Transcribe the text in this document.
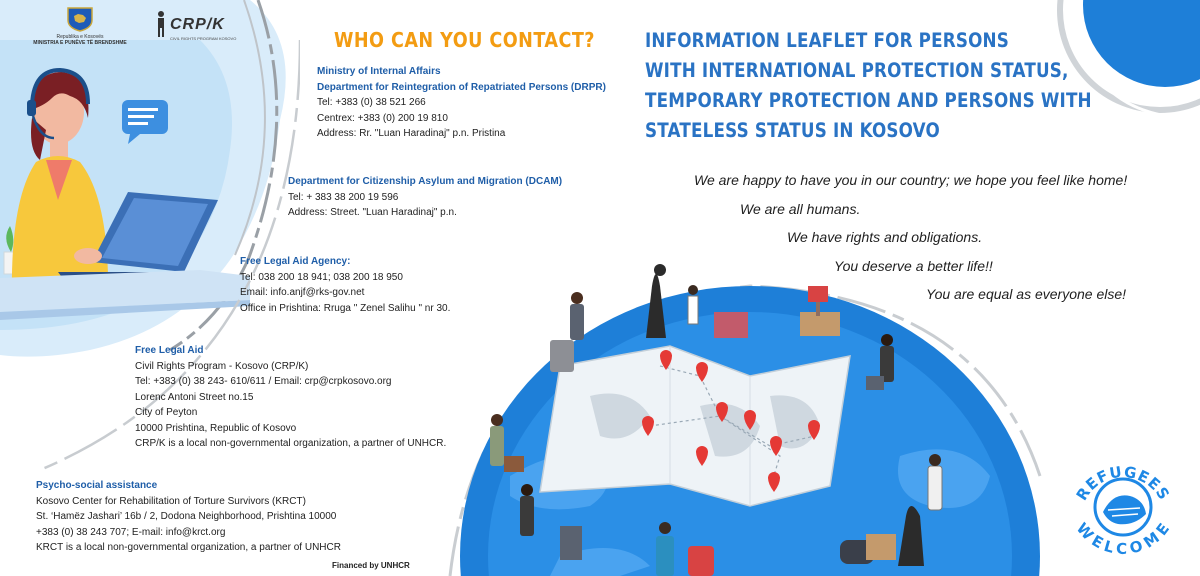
Republika e Kosovës
MINISTRIA E PUNËVE TË BRENDSHME
CRP/K
CIVIL RIGHTS PROGRAM KOSOVO	WHO CAN YOU CONTACT?
Ministry of Internal Affairs
Department for Reintegration of Repatriated Persons (DRPR)
Tel: +383 (0) 38 521 266
Centrex: +383 (0) 200 19 810
Address: Rr. "Luan Haradinaj" p.n. Pristina
Department for Citizenship Asylum and Migration (DCAM)
Tel: + 383 38 200 19 596
Address: Street. "Luan Haradinaj" p.n.
Free Legal Aid Agency:
Tel: 038 200 18 941; 038 200 18 950
Email: info.anjf@rks-gov.net
Office in Prishtina: Rruga " Zenel Salihu " nr 30.
Free Legal Aid
Civil Rights Program - Kosovo (CRP/K)
Tel: +383 (0) 38 243- 610/611 / Email: crp@crpkosovo.org
Lorenc Antoni Street no.15
City of Peyton
10000 Prishtina, Republic of Kosovo
CRP/K is a local non-governmental organization, a partner of UNHCR.
Psycho-social assistance
Kosovo Center for Rehabilitation of Torture Survivors (KRCT)
St. ‘Hamëz Jashari’ 16b / 2, Dodona Neighborhood, Prishtina 10000
+383 (0) 38 243 707; E-mail: info@krct.org
KRCT is a local non-governmental organization, a partner of UNHCR
Financed by UNHCR
INFORMATION LEAFLET FOR PERSONS
WITH INTERNATIONAL PROTECTION STATUS,
TEMPORARY PROTECTION AND PERSONS WITH
STATELESS STATUS IN KOSOVO
We are happy to have you in our country; we hope you feel like home!
We are all humans.
We have rights and obligations.
You deserve a better life!!
You are equal as everyone else!
REFUGEES
WELCOME
